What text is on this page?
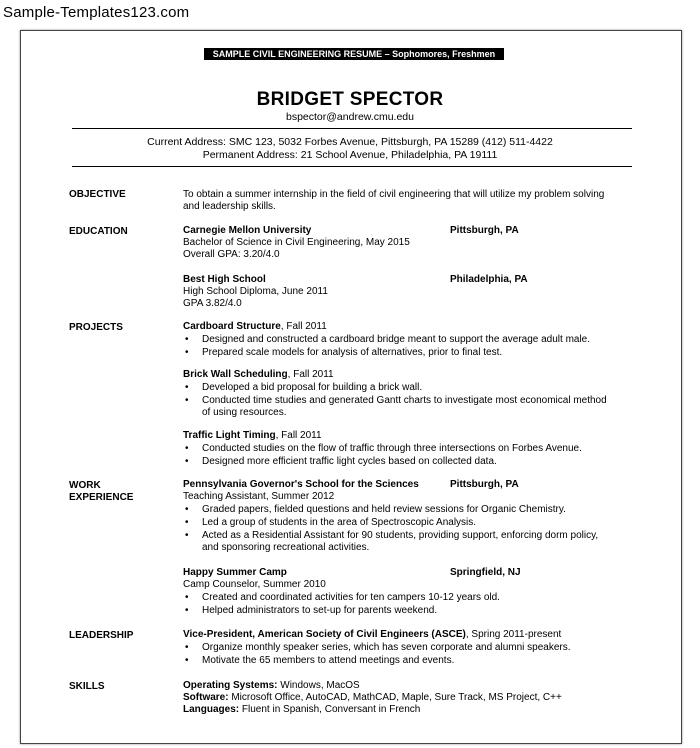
Sample-Templates123.com
SAMPLE CIVIL ENGINEERING RESUME – Sophomores, Freshmen
BRIDGET SPECTOR
bspector@andrew.cmu.edu
Current Address: SMC 123, 5032 Forbes Avenue, Pittsburgh, PA 15289 (412) 511-4422
Permanent Address: 21 School Avenue, Philadelphia, PA 19111
OBJECTIVE	To obtain a summer internship in the field of civil engineering that will utilize my problem solving
and leadership skills.
EDUCATION	Carnegie Mellon University	Pittsburgh, PA
Bachelor of Science in Civil Engineering, May 2015
Overall GPA: 3.20/4.0
Best High School	Philadelphia, PA
High School Diploma, June 2011
GPA 3.82/4.0
PROJECTS	Cardboard Structure, Fall 2011
• Designed and constructed a cardboard bridge meant to support the average adult male.
• Prepared scale models for analysis of alternatives, prior to final test.
Brick Wall Scheduling, Fall 2011
• Developed a bid proposal for building a brick wall.
• Conducted time studies and generated Gantt charts to investigate most economical method
of using resources.
Traffic Light Timing, Fall 2011
• Conducted studies on the flow of traffic through three intersections on Forbes Avenue.
• Designed more efficient traffic light cycles based on collected data.
WORK
EXPERIENCE
Pennsylvania Governor's School for the Sciences	Pittsburgh, PA
Teaching Assistant, Summer 2012
• Graded papers, fielded questions and held review sessions for Organic Chemistry.
• Led a group of students in the area of Spectroscopic Analysis.
• Acted as a Residential Assistant for 90 students, providing support, enforcing dorm policy,
and sponsoring recreational activities.
Happy Summer Camp	Springfield, NJ
Camp Counselor, Summer 2010
• Created and coordinated activities for ten campers 10-12 years old.
• Helped administrators to set-up for parents weekend.
LEADERSHIP	Vice-President, American Society of Civil Engineers (ASCE), Spring 2011-present
• Organize monthly speaker series, which has seven corporate and alumni speakers.
• Motivate the 65 members to attend meetings and events.
SKILLS	Operating Systems: Windows, MacOS
Software: Microsoft Office, AutoCAD, MathCAD, Maple, Sure Track, MS Project, C++
Languages: Fluent in Spanish, Conversant in French
